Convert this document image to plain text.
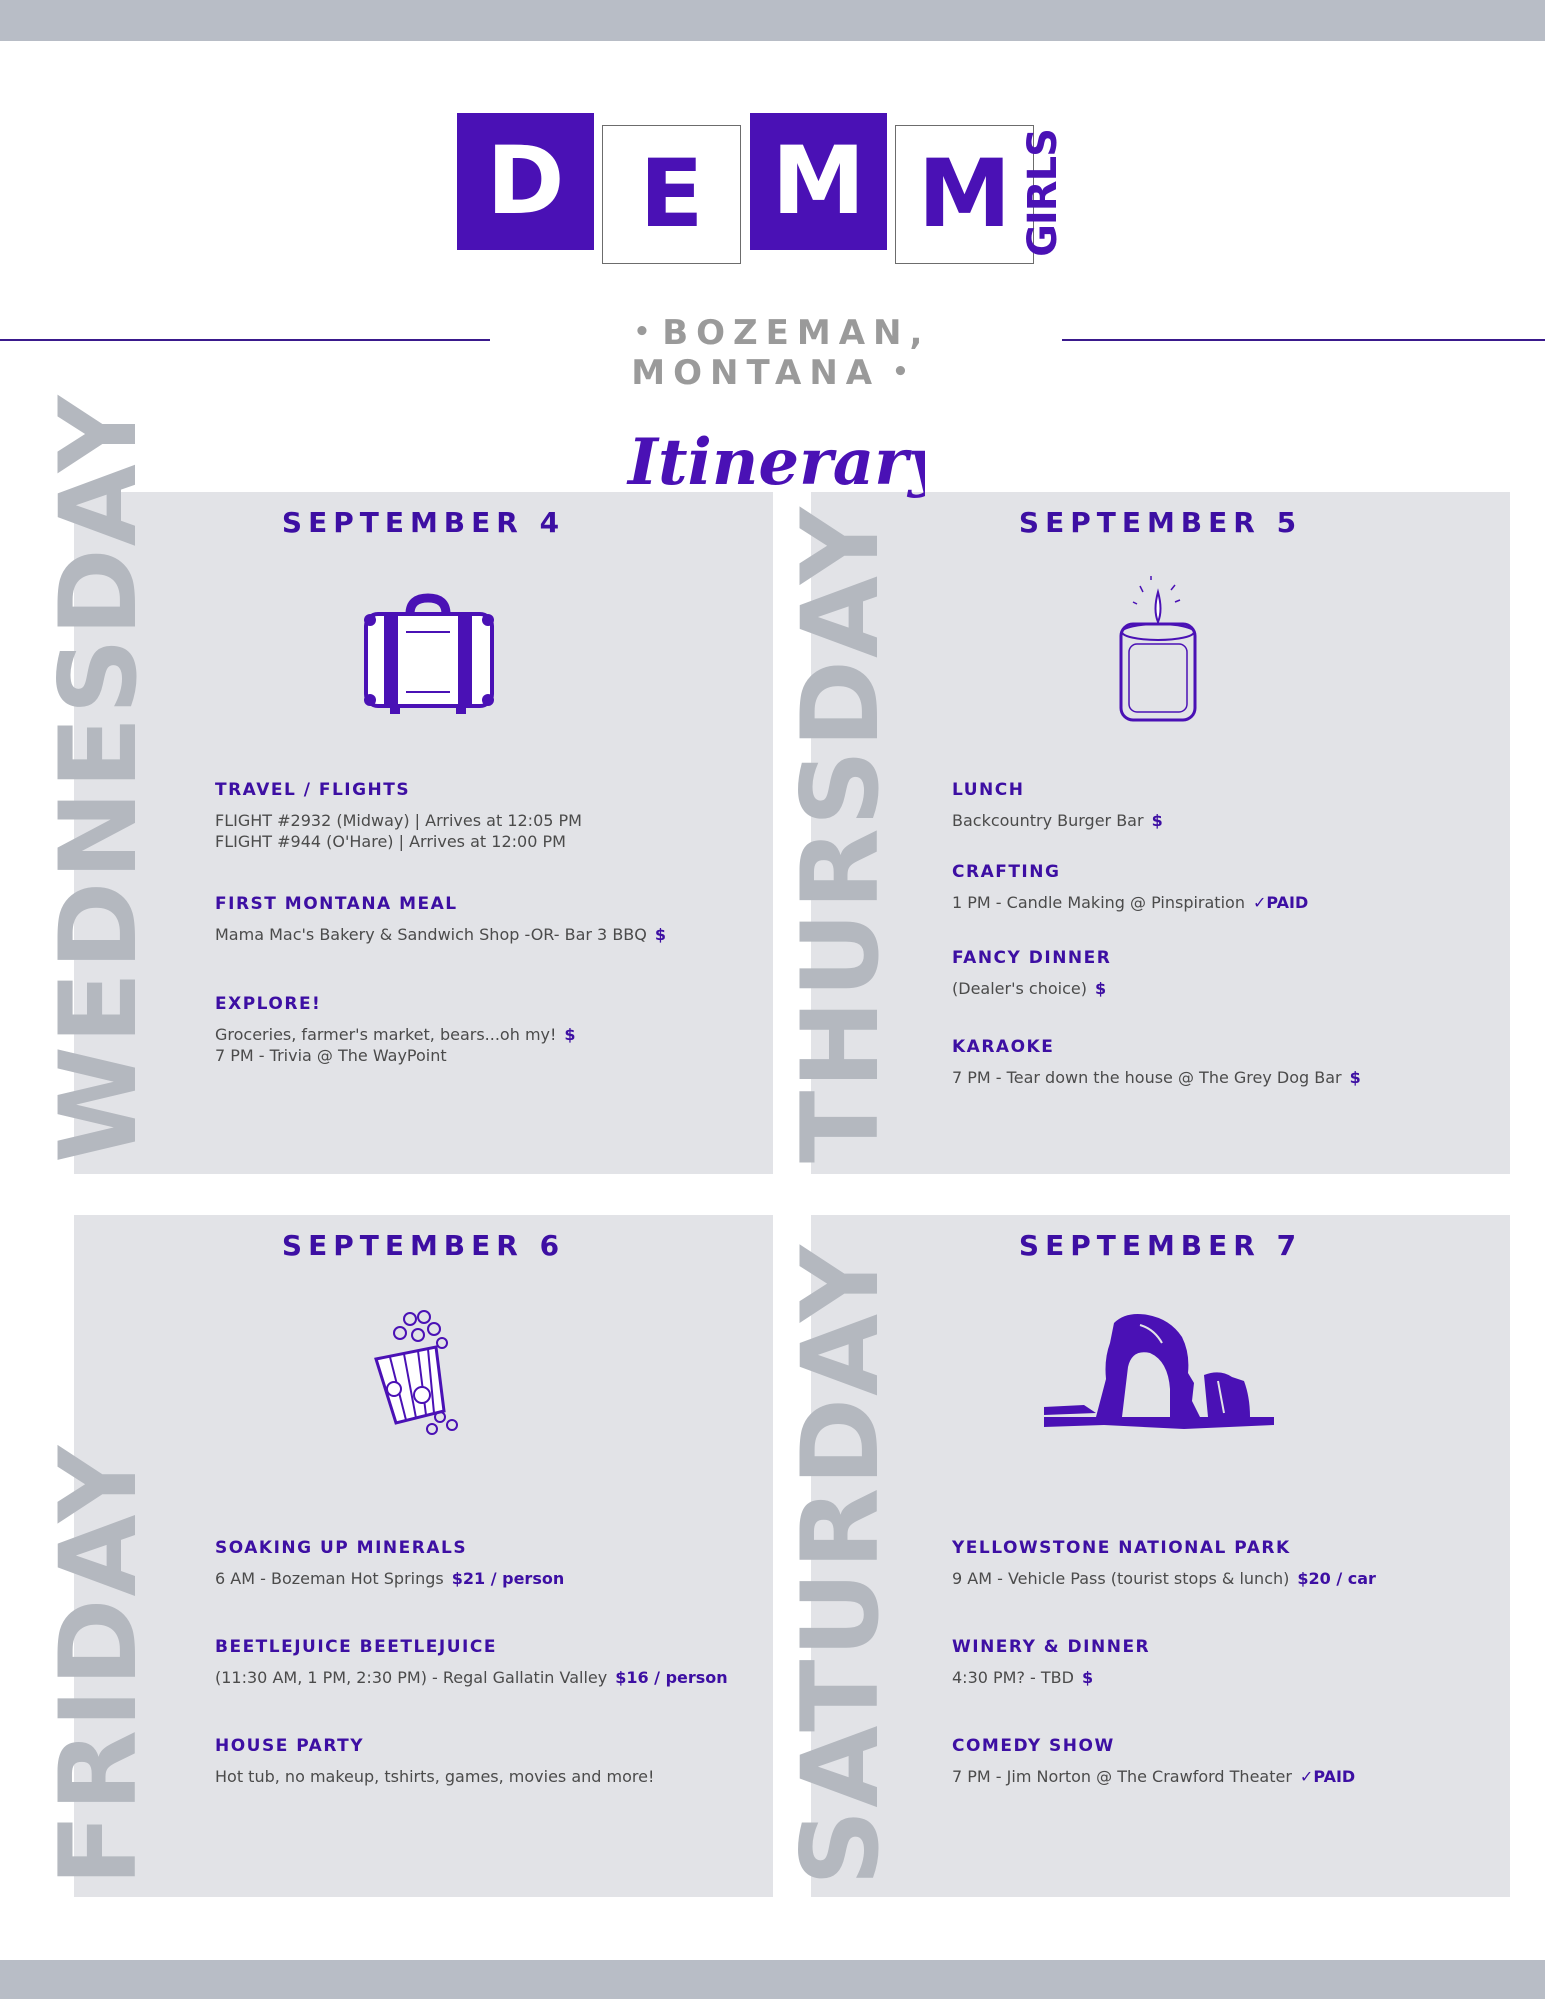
D E M M GIRLS
• BOZEMAN, MONTANA •
SEPTEMBER 4
TRAVEL / FLIGHTS
FLIGHT #2932 (Midway) | Arrives at 12:05 PM
FLIGHT #944 (O'Hare) | Arrives at 12:00 PM
FIRST MONTANA MEAL
Mama Mac's Bakery & Sandwich Shop -OR- Bar 3 BBQ $
EXPLORE!
Groceries, farmer's market, bears...oh my! $
7 PM - Trivia @ The WayPoint
SEPTEMBER 5
LUNCH
Backcountry Burger Bar $
CRAFTING
1 PM - Candle Making @ Pinspiration ✓PAID
FANCY DINNER
(Dealer's choice) $
KARAOKE
7 PM - Tear down the house @ The Grey Dog Bar $
SEPTEMBER 6
SOAKING UP MINERALS
6 AM - Bozeman Hot Springs $21 / person
BEETLEJUICE BEETLEJUICE
(11:30 AM, 1 PM, 2:30 PM) - Regal Gallatin Valley $16 / person
HOUSE PARTY
Hot tub, no makeup, tshirts, games, movies and more!
SEPTEMBER 7
YELLOWSTONE NATIONAL PARK
9 AM - Vehicle Pass (tourist stops & lunch) $20 / car
WINERY & DINNER
4:30 PM? - TBD $
COMEDY SHOW
7 PM - Jim Norton @ The Crawford Theater ✓PAID
WEDNESDAY	THURSDAY
FRIDAY	SATURDAY
Itinerary
